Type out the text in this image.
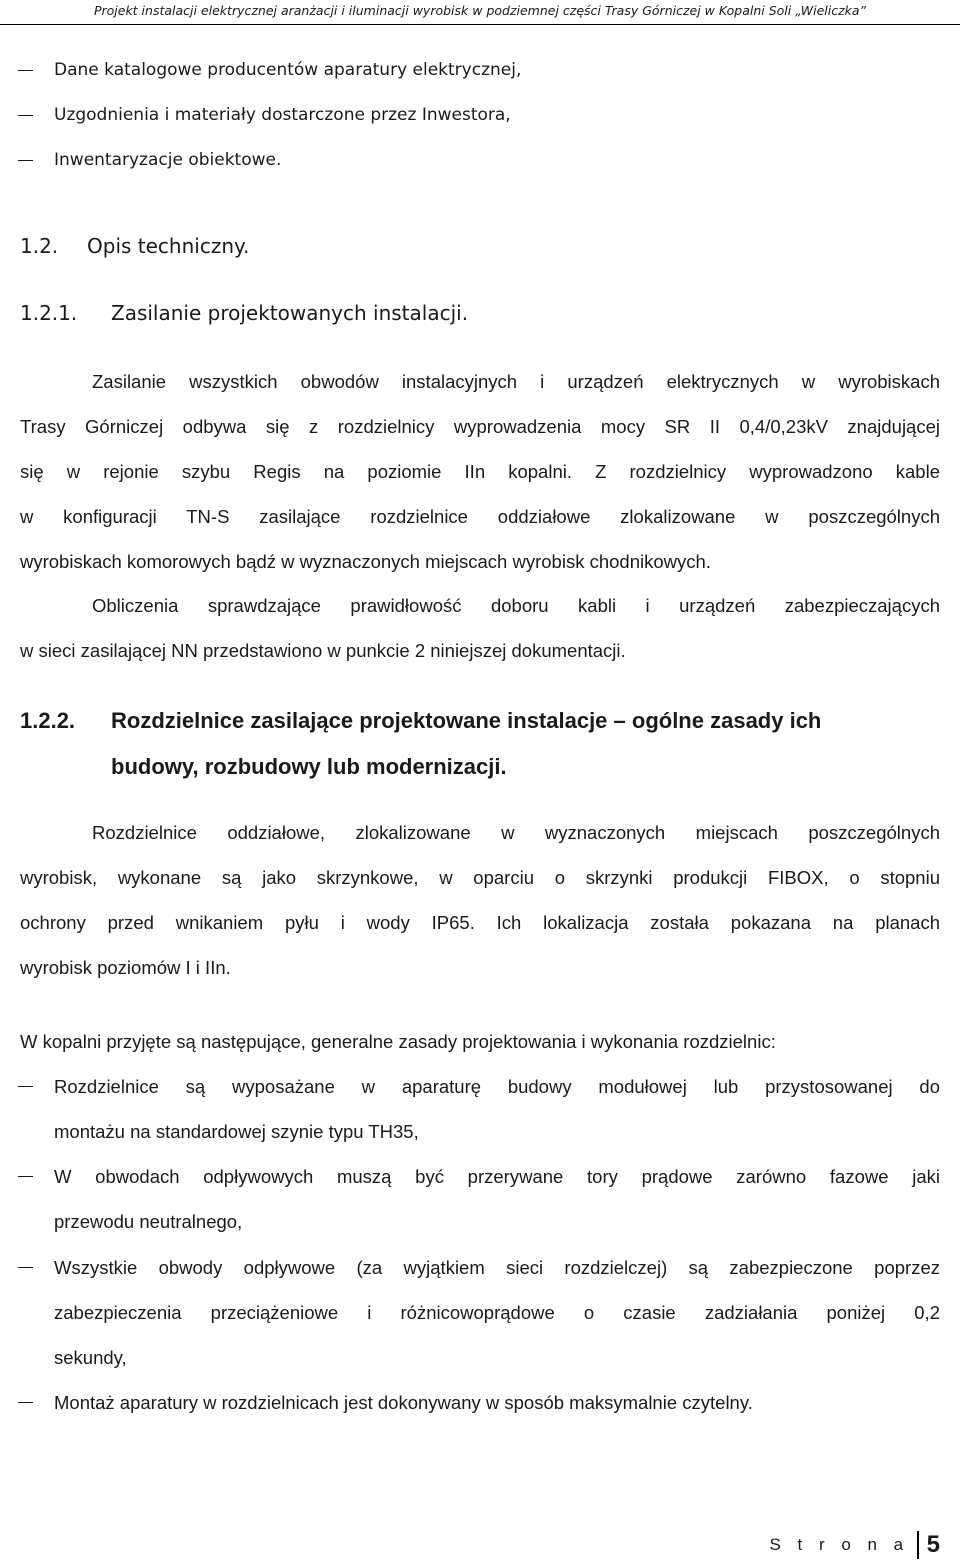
Projekt instalacji elektrycznej aranżacji i iluminacji wyrobisk w podziemnej części Trasy Górniczej w Kopalni Soli „Wieliczka”

Dane katalogowe producentów aparatury elektrycznej,

Uzgodnienia i materiały dostarczone przez Inwestora,

Inwentaryzacje obiektowe.

1.2. Opis techniczny.
1.2.1. Zasilanie projektowanych instalacji.
Zasilanie wszystkich obwodów instalacyjnych i urządzeń elektrycznych w wyrobiskach
Trasy Górniczej odbywa się z rozdzielnicy wyprowadzenia mocy SR II 0,4/0,23kV znajdującej
się w rejonie szybu Regis na poziomie IIn kopalni. Z rozdzielnicy wyprowadzono kable
w konfiguracji TN-S zasilające rozdzielnice oddziałowe zlokalizowane w poszczególnych
wyrobiskach komorowych bądź w wyznaczonych miejscach wyrobisk chodnikowych.
Obliczenia sprawdzające prawidłowość doboru kabli i urządzeń zabezpieczających
w sieci zasilającej NN przedstawiono w punkcie 2 niniejszej dokumentacji.
1.2.2. Rozdzielnice zasilające projektowane instalacje – ogólne zasady ich
budowy, rozbudowy lub modernizacji.
Rozdzielnice oddziałowe, zlokalizowane w wyznaczonych miejscach poszczególnych
wyrobisk, wykonane są jako skrzynkowe, w oparciu o skrzynki produkcji FIBOX, o stopniu
ochrony przed wnikaniem pyłu i wody IP65. Ich lokalizacja została pokazana na planach
wyrobisk poziomów I i IIn.
W kopalni przyjęte są następujące, generalne zasady projektowania i wykonania rozdzielnic:
Rozdzielnice są wyposażane w aparaturę budowy modułowej lub przystosowanej do
montażu na standardowej szynie typu TH35,
W obwodach odpływowych muszą być przerywane tory prądowe zarówno fazowe jaki
przewodu neutralnego,
Wszystkie obwody odpływowe (za wyjątkiem sieci rozdzielczej) są zabezpieczone poprzez
zabezpieczenia przeciążeniowe i różnicowoprądowe o czasie zadziałania poniżej 0,2
sekundy,
Montaż aparatury w rozdzielnicach jest dokonywany w sposób maksymalnie czytelny.
S t r o n a 5
